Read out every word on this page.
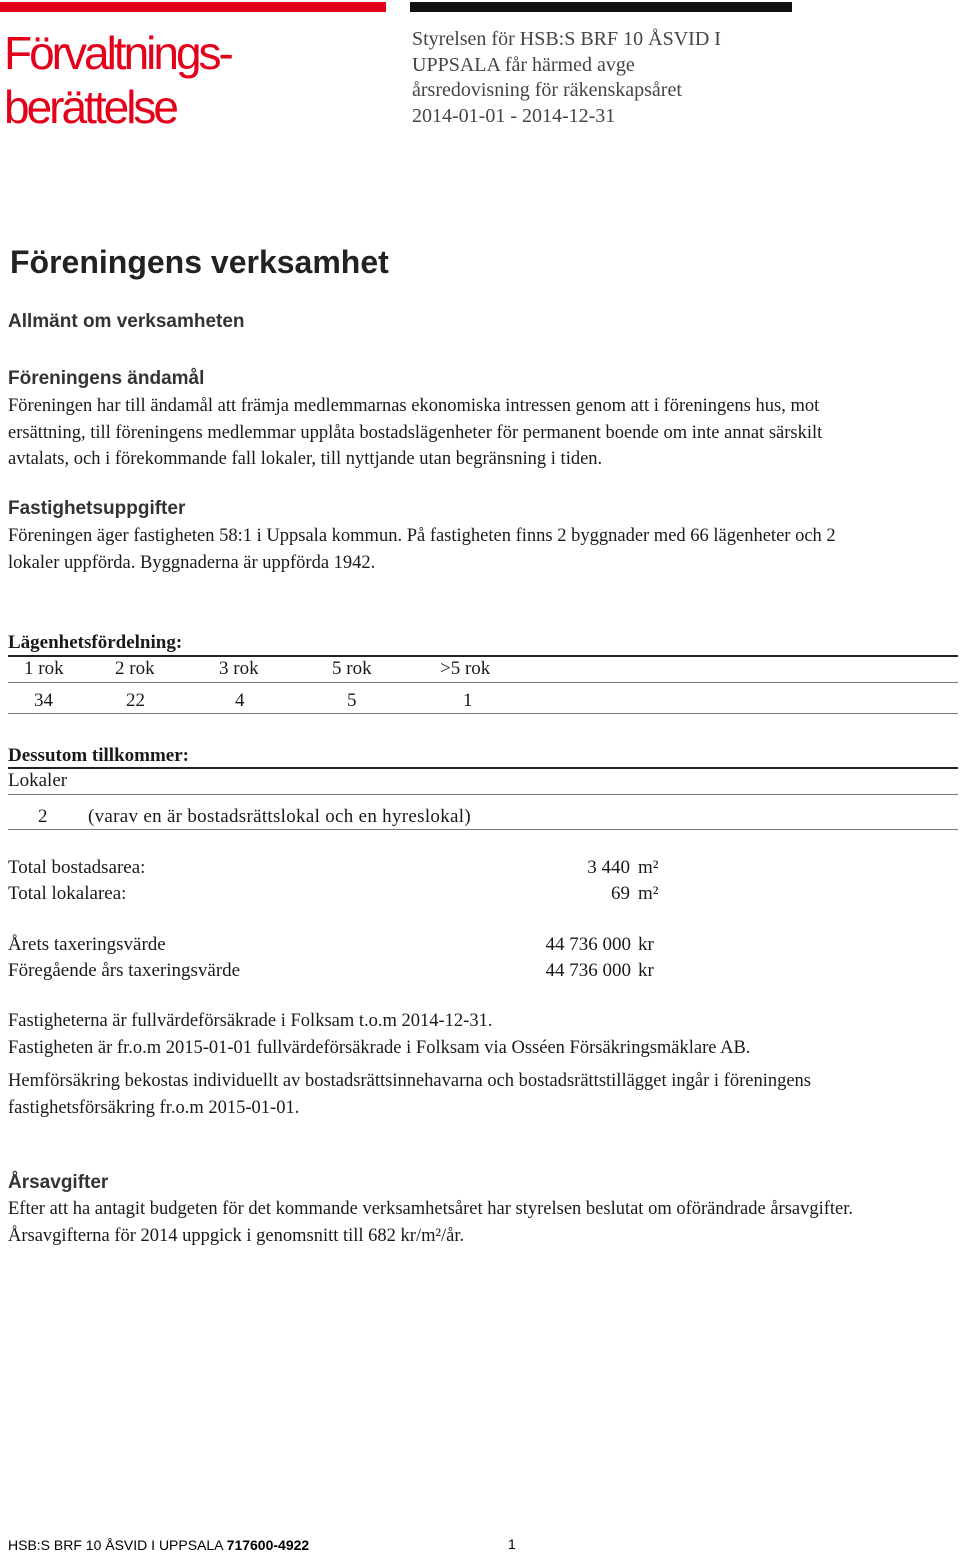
Förvaltnings-
berättelse
Styrelsen för HSB:S BRF 10 ÅSVID I
UPPSALA får härmed avge
årsredovisning för räkenskapsåret
2014-01-01 - 2014-12-31
Föreningens verksamhet
Allmänt om verksamheten
Föreningens ändamål
Föreningen har till ändamål att främja medlemmarnas ekonomiska intressen genom att i föreningens hus, mot
ersättning, till föreningens medlemmar upplåta bostadslägenheter för permanent boende om inte annat särskilt
avtalats, och i förekommande fall lokaler, till nyttjande utan begränsning i tiden.
Fastighetsuppgifter
Föreningen äger fastigheten 58:1 i Uppsala kommun. På fastigheten finns 2 byggnader med 66 lägenheter och 2
lokaler uppförda. Byggnaderna är uppförda 1942.
Lägenhetsfördelning:
1 rok	2 rok	3 rok	5 rok	>5 rok
34	22	4	5	1
Dessutom tillkommer:
Lokaler
2 (varav en är bostadsrättslokal och en hyreslokal)
Total bostadsarea:	3 440 m²
Total lokalarea:	69 m²
Årets taxeringsvärde	44 736 000 kr
Föregående års taxeringsvärde	44 736 000 kr
Fastigheterna är fullvärdeförsäkrade i Folksam t.o.m 2014-12-31.
Fastigheten är fr.o.m 2015-01-01 fullvärdeförsäkrade i Folksam via Osséen Försäkringsmäklare AB.
Hemförsäkring bekostas individuellt av bostadsrättsinnehavarna och bostadsrättstillägget ingår i föreningens
fastighetsförsäkring fr.o.m 2015-01-01.
Årsavgifter
Efter att ha antagit budgeten för det kommande verksamhetsåret har styrelsen beslutat om oförändrade årsavgifter.
Årsavgifterna för 2014 uppgick i genomsnitt till 682 kr/m²/år.
HSB:S BRF 10 ÅSVID I UPPSALA 717600-4922	1
